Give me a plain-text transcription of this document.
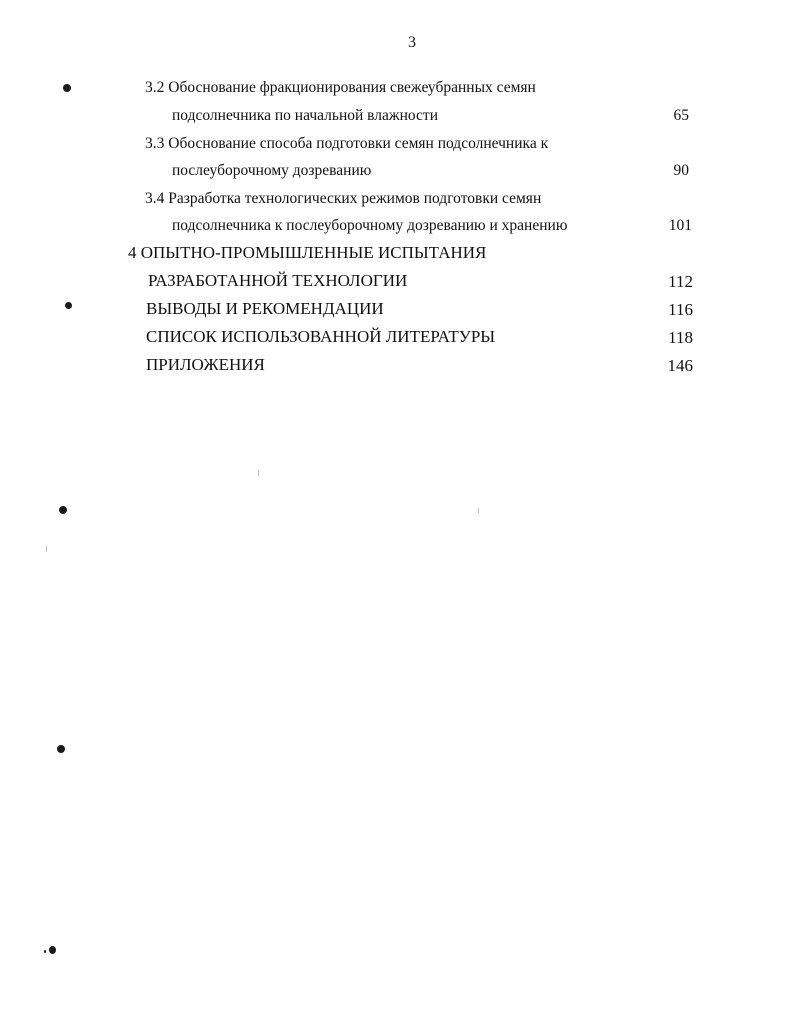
3
3.2 Обоснование фракционирования свежеубранных семян
подсолнечника по начальной влажности	65
3.3 Обоснование способа подготовки семян подсолнечника к
послеуборочному дозреванию	90
3.4 Разработка технологических режимов подготовки семян
подсолнечника к послеуборочному дозреванию и хранению	101
4 ОПЫТНО-ПРОМЫШЛЕННЫЕ ИСПЫТАНИЯ
РАЗРАБОТАННОЙ ТЕХНОЛОГИИ	112
ВЫВОДЫ И РЕКОМЕНДАЦИИ	116
СПИСОК ИСПОЛЬЗОВАННОЙ ЛИТЕРАТУРЫ	118
ПРИЛОЖЕНИЯ	146
